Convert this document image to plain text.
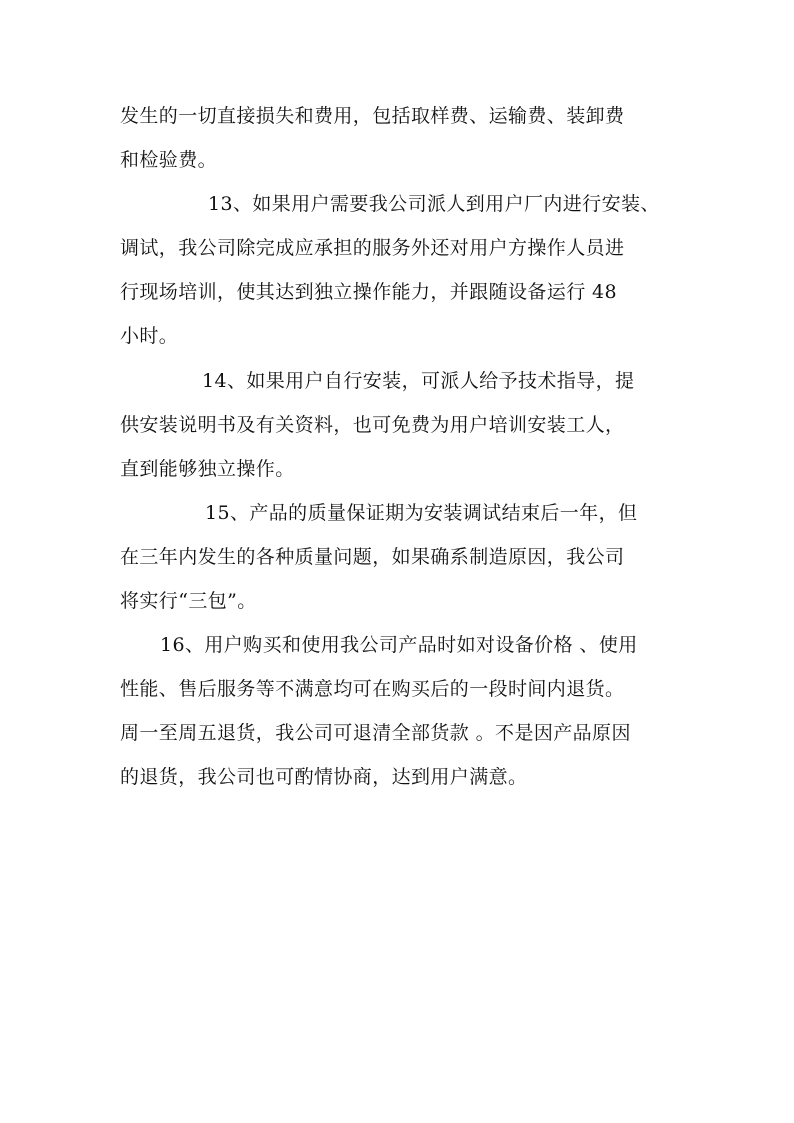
发生的一切直接损失和费用，包括取样费、运输费、装卸费
和检验费。
13、如果用户需要我公司派人到用户厂内进行安装、
调试，我公司除完成应承担的服务外还对用户方操作人员进
行现场培训，使其达到独立操作能力，并跟随设备运行 48
小时。
14、如果用户自行安装，可派人给予技术指导，提
供安装说明书及有关资料，也可免费为用户培训安装工人，
直到能够独立操作。
15、产品的质量保证期为安装调试结束后一年，但
在三年内发生的各种质量问题，如果确系制造原因，我公司
将实行“三包”。
16、用户购买和使用我公司产品时如对设备价格 、使用
性能、售后服务等不满意均可在购买后的一段时间内退货。
周一至周五退货，我公司可退清全部货款 。不是因产品原因
的退货，我公司也可酌情协商，达到用户满意。
